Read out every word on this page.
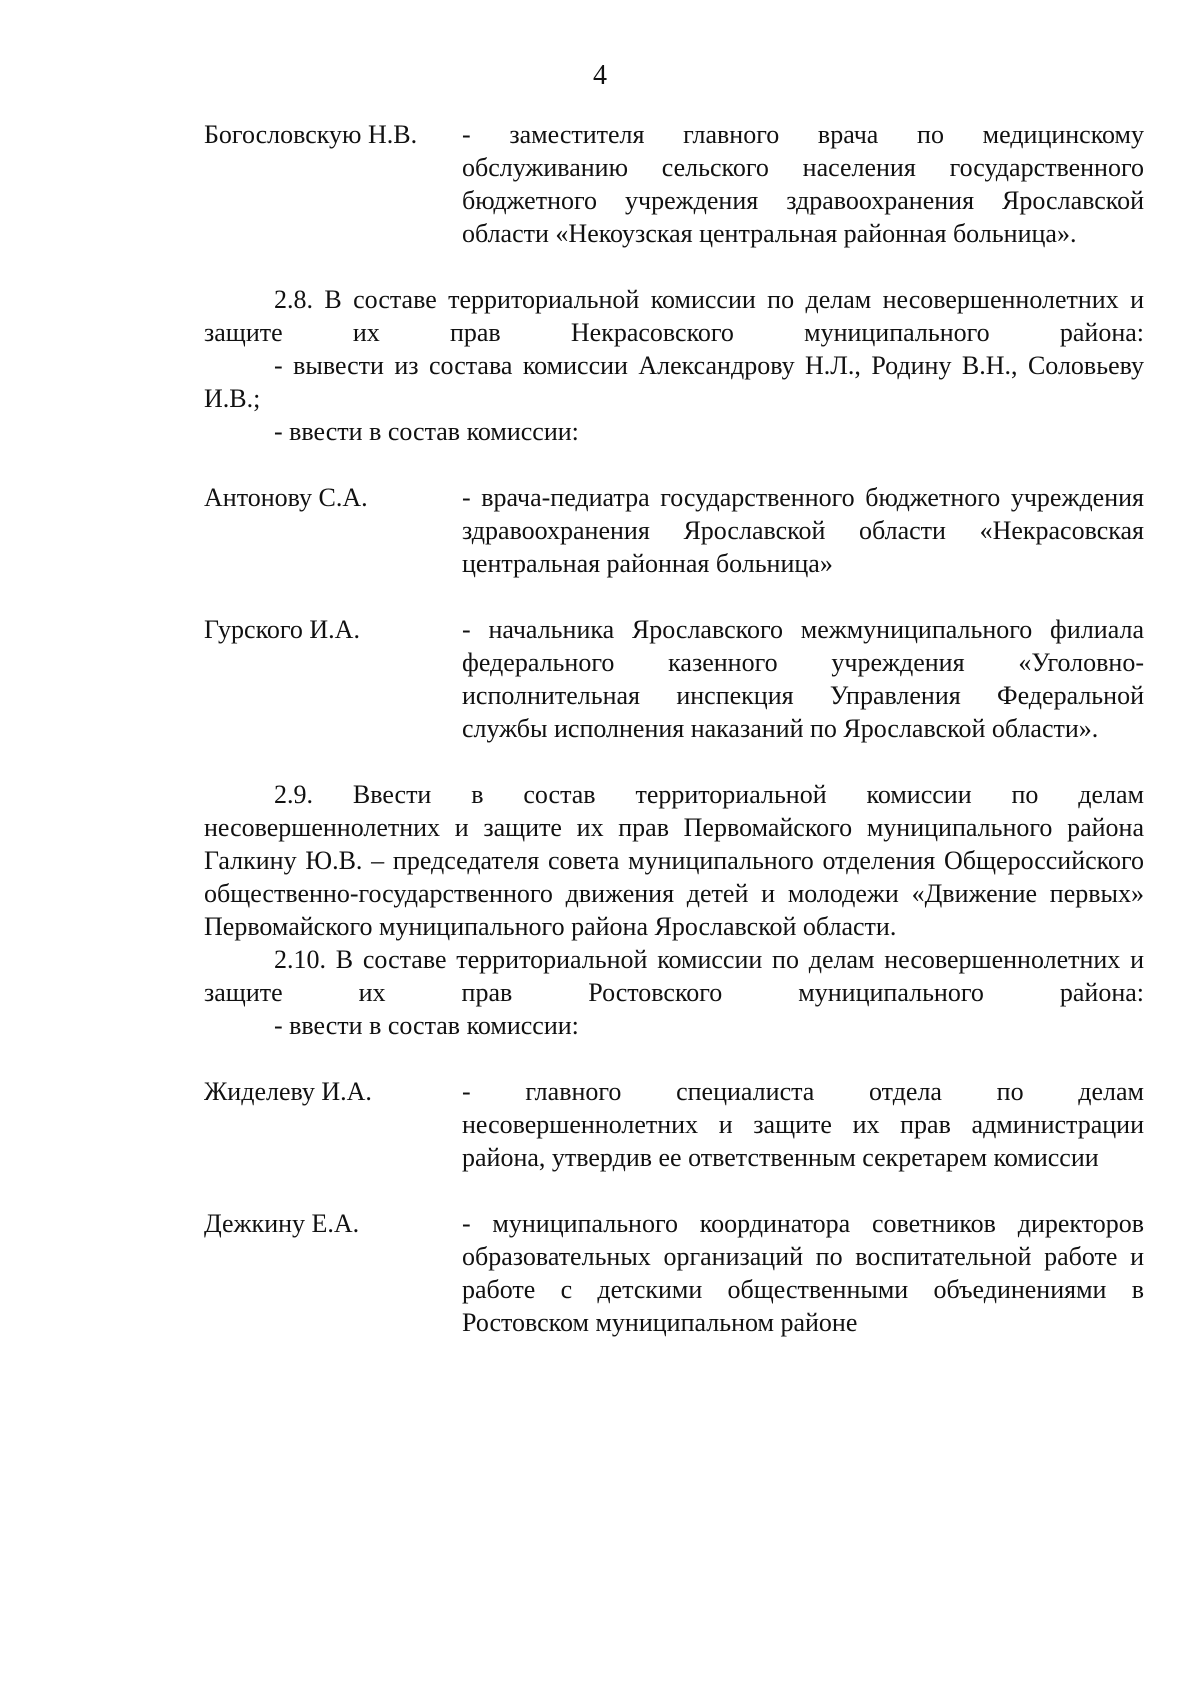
4
Богословскую Н.В.	- заместителя главного врача по медицинскому обслуживанию сельского населения государственного бюджетного учреждения здравоохранения Ярославской области «Некоузская центральная районная больница».
2.8. В составе территориальной комиссии по делам несовершеннолетних и защите их прав Некрасовского муниципального района:
- вывести из состава комиссии Александрову Н.Л., Родину В.Н., Соловьеву И.В.;
- ввести в состав комиссии:
Антонову С.А.	- врача-педиатра государственного бюджетного учреждения здравоохранения Ярославской области «Некрасовская центральная районная больница»
Гурского И.А.	- начальника Ярославского межмуниципального филиала федерального казенного учреждения «Уголовно-исполнительная инспекция Управления Федеральной службы исполнения наказаний по Ярославской области».
2.9. Ввести в состав территориальной комиссии по делам несовершеннолетних и защите их прав Первомайского муниципального района Галкину Ю.В. – председателя совета муниципального отделения Общероссийского общественно-государственного движения детей и молодежи «Движение первых» Первомайского муниципального района Ярославской области.
2.10. В составе территориальной комиссии по делам несовершеннолетних и защите их прав Ростовского муниципального района:
- ввести в состав комиссии:
Жиделеву И.А.	- главного специалиста отдела по делам несовершеннолетних и защите их прав администрации района, утвердив ее ответственным секретарем комиссии
Дежкину Е.А.	- муниципального координатора советников директоров образовательных организаций по воспитательной работе и работе с детскими общественными объединениями в Ростовском муниципальном районе
